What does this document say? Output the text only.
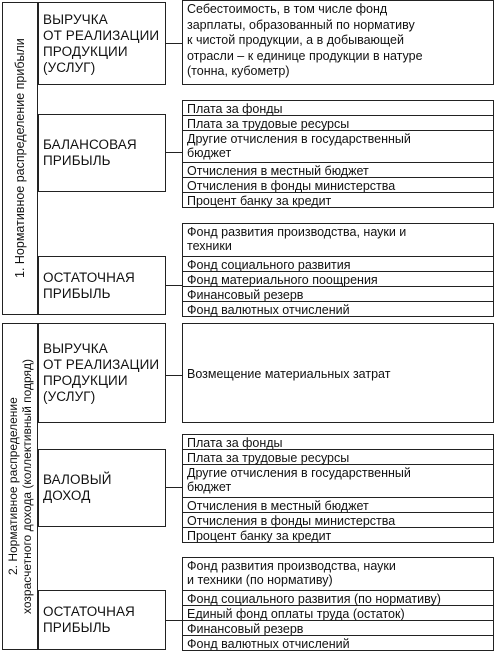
1. Нормативное распределение прибыли
ВЫРУЧКА
ОТ РЕАЛИЗАЦИИ
ПРОДУКЦИИ
(УСЛУГ)
Себестоимость, в том числе фонд
зарплаты, образованный по нормативу
к чистой продукции, а в добывающей
отрасли – к единице продукции в натуре
(тонна, кубометр)
БАЛАНСОВАЯ
ПРИБЫЛЬ
Плата за фонды
Плата за трудовые ресурсы
Другие отчисления в государственный
бюджет
Отчисления в местный бюджет
Отчисления в фонды министерства
Процент банку за кредит
ОСТАТОЧНАЯ
ПРИБЫЛЬ
Фонд развития производства, науки и
техники
Фонд социального развития
Фонд материального поощрения
Финансовый резерв
Фонд валютных отчислений
2. Нормативное распределение
хозрасчетного дохода (коллективный подряд)
ВЫРУЧКА
ОТ РЕАЛИЗАЦИИ
ПРОДУКЦИИ
(УСЛУГ)
Возмещение материальных затрат
ВАЛОВЫЙ
ДОХОД
Плата за фонды
Плата за трудовые ресурсы
Другие отчисления в государственный
бюджет
Отчисления в местный бюджет
Отчисления в фонды министерства
Процент банку за кредит
ОСТАТОЧНАЯ
ПРИБЫЛЬ
Фонд развития производства, науки
и техники (по нормативу)
Фонд социального развития (по нормативу)
Единый фонд оплаты труда (остаток)
Финансовый резерв
Фонд валютных отчислений
